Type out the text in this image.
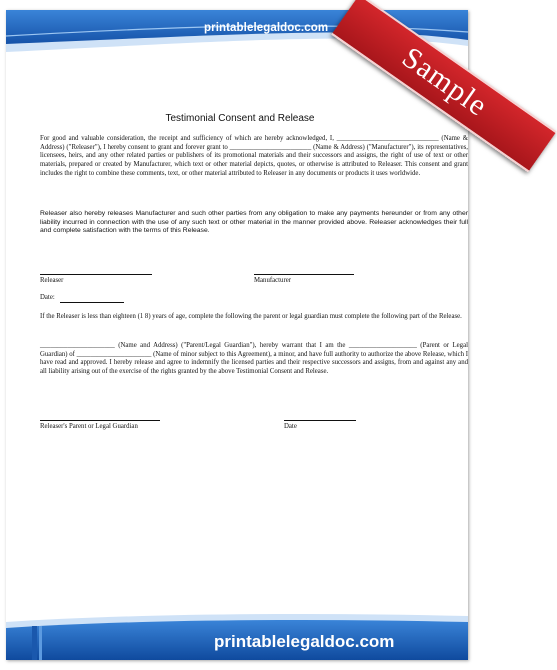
printablelegaldoc.com
Testimonial Consent and Release
For good and valuable consideration, the receipt and sufficiency of which are hereby acknowledged, I, ______________________________ (Name & Address) ("Releaser"), I hereby consent to grant and forever grant to ________________________ (Name & Address) ("Manufacturer"), its representatives, licensees, heirs, and any other related parties or publishers of its promotional materials and their successors and assigns, the right of use of text or other materials, prepared or created by Manufacturer, which text or other material depicts, quotes, or otherwise is attributed to Releaser. This consent and grant includes the right to combine these comments, text, or other material attributed to Releaser in any documents or products it uses worldwide.
Releaser also hereby releases Manufacturer and such other parties from any obligation to make any payments hereunder or from any other liability incurred in connection with the use of any such text or other material in the manner provided above. Releaser acknowledges their full and complete satisfaction with the terms of this Release.
Releaser	Manufacturer
Date:
If the Releaser is less than eighteen (1 8) years of age, complete the following the parent or legal guardian must complete the following part of the Release.
______________________ (Name and Address) ("Parent/Legal Guardian"), hereby warrant that I am the ____________________ (Parent or Legal Guardian) of ______________________ (Name of minor subject to this Agreement), a minor, and have full authority to authorize the above Release, which I have read and approved. I hereby release and agree to indemnify the licensed parties and their respective successors and assigns, from and against any and all liability arising out of the exercise of the rights granted by the above Testimonial Consent and Release.
Releaser's Parent or Legal Guardian	Date
printablelegaldoc.com
Sample
